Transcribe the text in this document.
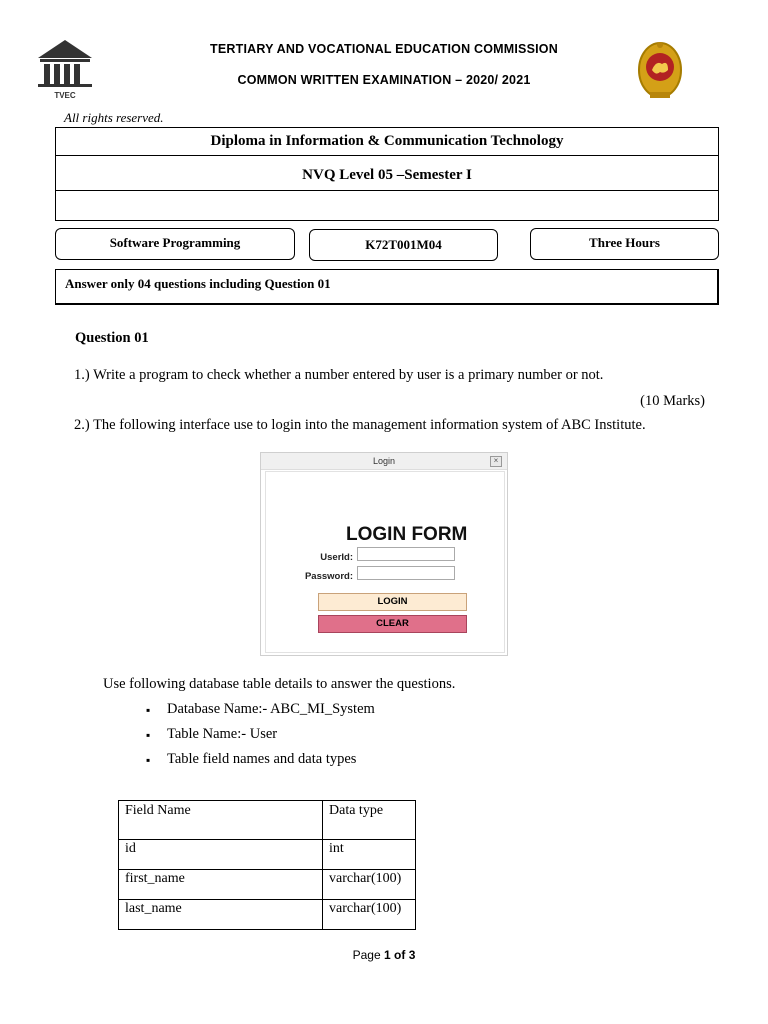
TVEC
TERTIARY AND VOCATIONAL EDUCATION COMMISSION
COMMON WRITTEN EXAMINATION – 2020/ 2021
All rights reserved.
Diploma in Information & Communication Technology
NVQ Level 05 –Semester I
Software Programming	K72T001M04	Three Hours
Answer only 04 questions including Question 01
Question 01
1.) Write a program to check whether a number entered by user is a primary number or not.
(10 Marks)
2.) The following interface use to login into the management information system of ABC Institute.
Login	×
LOGIN FORM
UserId:
Password:
LOGIN
CLEAR
Use following database table details to answer the questions.
▪ Database Name:- ABC_MI_System
▪ Table Name:- User
▪ Table field names and data types
Field Name	Data type
id	int
first_name	varchar(100)
last_name	varchar(100)
Page 1 of 3
